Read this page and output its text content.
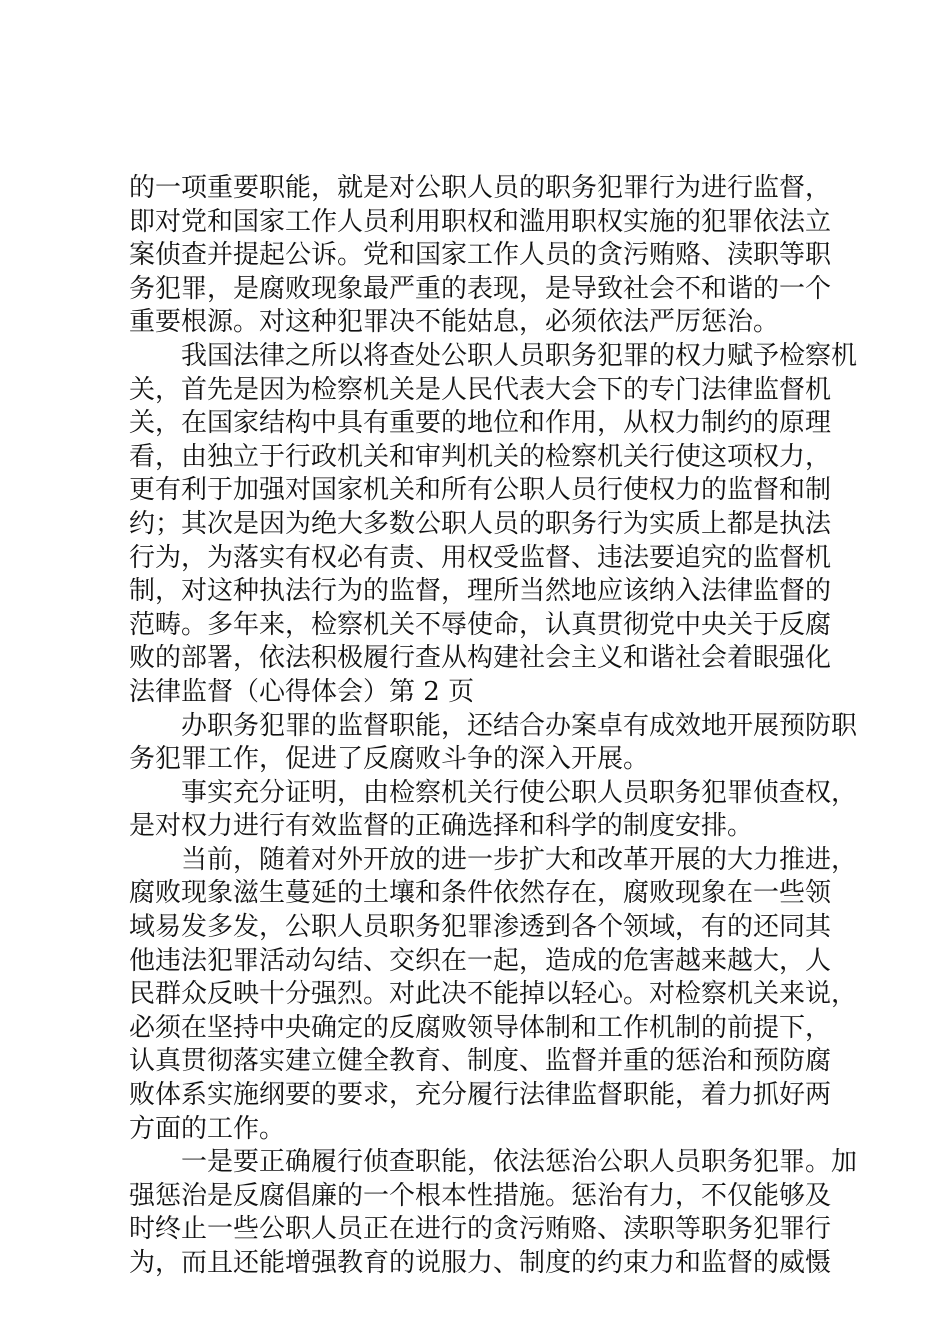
的一项重要职能，就是对公职人员的职务犯罪行为进行监督，
即对党和国家工作人员利用职权和滥用职权实施的犯罪依法立
案侦查并提起公诉。党和国家工作人员的贪污贿赂、渎职等职
务犯罪，是腐败现象最严重的表现，是导致社会不和谐的一个
重要根源。对这种犯罪决不能姑息，必须依法严厉惩治。
我国法律之所以将查处公职人员职务犯罪的权力赋予检察机
关，首先是因为检察机关是人民代表大会下的专门法律监督机
关，在国家结构中具有重要的地位和作用，从权力制约的原理
看，由独立于行政机关和审判机关的检察机关行使这项权力，
更有利于加强对国家机关和所有公职人员行使权力的监督和制
约；其次是因为绝大多数公职人员的职务行为实质上都是执法
行为，为落实有权必有责、用权受监督、违法要追究的监督机
制，对这种执法行为的监督，理所当然地应该纳入法律监督的
范畴。多年来，检察机关不辱使命，认真贯彻党中央关于反腐
败的部署，依法积极履行查从构建社会主义和谐社会着眼强化
法律监督（心得体会）第 2 页
办职务犯罪的监督职能，还结合办案卓有成效地开展预防职
务犯罪工作，促进了反腐败斗争的深入开展。
事实充分证明，由检察机关行使公职人员职务犯罪侦查权，
是对权力进行有效监督的正确选择和科学的制度安排。
当前，随着对外开放的进一步扩大和改革开展的大力推进，
腐败现象滋生蔓延的土壤和条件依然存在，腐败现象在一些领
域易发多发，公职人员职务犯罪渗透到各个领域，有的还同其
他违法犯罪活动勾结、交织在一起，造成的危害越来越大，人
民群众反映十分强烈。对此决不能掉以轻心。对检察机关来说，
必须在坚持中央确定的反腐败领导体制和工作机制的前提下，
认真贯彻落实建立健全教育、制度、监督并重的惩治和预防腐
败体系实施纲要的要求，充分履行法律监督职能，着力抓好两
方面的工作。
一是要正确履行侦查职能，依法惩治公职人员职务犯罪。加
强惩治是反腐倡廉的一个根本性措施。惩治有力，不仅能够及
时终止一些公职人员正在进行的贪污贿赂、渎职等职务犯罪行
为，而且还能增强教育的说服力、制度的约束力和监督的威慑
